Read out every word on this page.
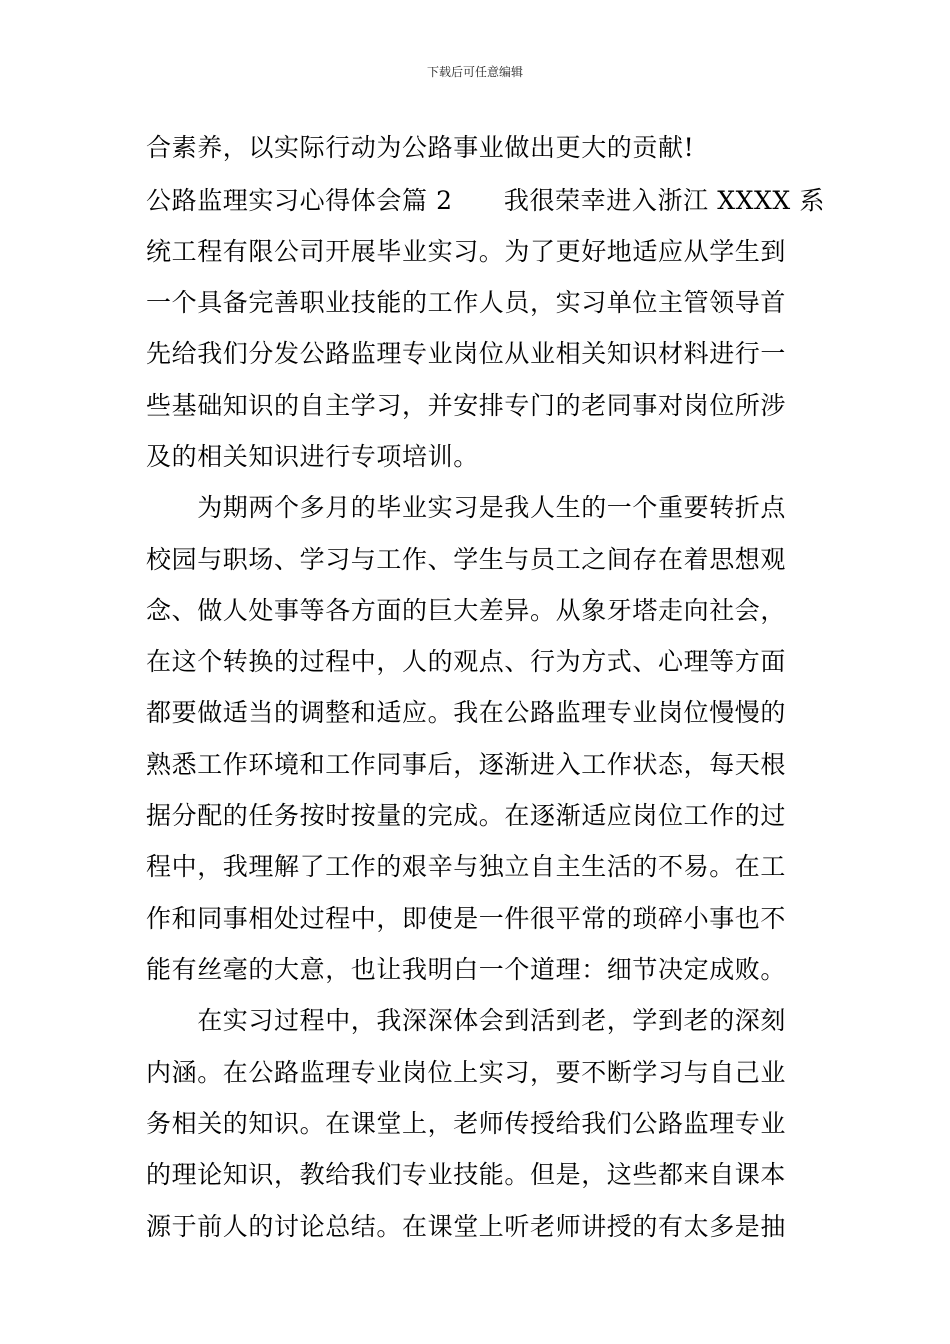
下载后可任意编辑
合素养，以实际行动为公路事业做出更大的贡献!
公路监理实习心得体会篇 2　　我很荣幸进入浙江 XXXX 系
统工程有限公司开展毕业实习。为了更好地适应从学生到
一个具备完善职业技能的工作人员，实习单位主管领导首
先给我们分发公路监理专业岗位从业相关知识材料进行一
些基础知识的自主学习，并安排专门的老同事对岗位所涉
及的相关知识进行专项培训。
　　为期两个多月的毕业实习是我人生的一个重要转折点
校园与职场、学习与工作、学生与员工之间存在着思想观
念、做人处事等各方面的巨大差异。从象牙塔走向社会，
在这个转换的过程中，人的观点、行为方式、心理等方面
都要做适当的调整和适应。我在公路监理专业岗位慢慢的
熟悉工作环境和工作同事后，逐渐进入工作状态，每天根
据分配的任务按时按量的完成。在逐渐适应岗位工作的过
程中，我理解了工作的艰辛与独立自主生活的不易。在工
作和同事相处过程中，即使是一件很平常的琐碎小事也不
能有丝毫的大意，也让我明白一个道理：细节决定成败。
　　在实习过程中，我深深体会到活到老，学到老的深刻
内涵。在公路监理专业岗位上实习，要不断学习与自己业
务相关的知识。在课堂上，老师传授给我们公路监理专业
的理论知识，教给我们专业技能。但是，这些都来自课本
源于前人的讨论总结。在课堂上听老师讲授的有太多是抽
